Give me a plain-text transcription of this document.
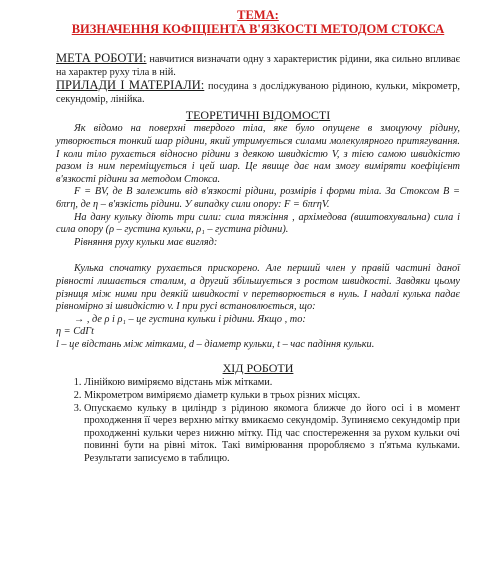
ТЕМА:
ВИЗНАЧЕННЯ КОФІЦІЕНТА В'ЯЗКОСТІ МЕТОДОМ СТОКСА

МЕТА РОБОТИ: навчитися визначати одну з характеристик рідини, яка сильно впливає на характер руху тіла в ній.

ПРИЛАДИ І МАТЕРІАЛИ: посудина з досліджуваною рідиною, кульки, мікрометр, секундомір, лінійка.

ТЕОРЕТИЧНІ ВІДОМОСТІ

Як відомо на поверхні твердого тіла, яке було опущене в змоцуючу рідину, утворюється тонкий шар рідини, який утримується силами молекулярного притягування. І коли тіло рухається відносно рідини з деякою швидкістю V, з тією самою швидкістю разом із ним переміщується і цей шар. Це явище дає нам змогу виміряти коефіцієнт в'язкості рідини за методом Стокса.

F = BV, де B залежить від в'язкості рідини, розмірів і форми тіла. За Стоксом B = 6πrη, де η – в'язкість рідини. У випадку сили опору: F = 6πrηV.

На дану кульку діють три сили: сила тяжіння , архімедова (виштовхувальна) сила і сила опору (ρ – густина кульки, ρ₁ – густина рідини).

Рівняння руху кульки має вигляд:

Кулька спочатку рухається прискорено. Але перший член у правій частині даної рівності лишається сталим, а другий збільшується з ростом швидкості. Завдяки цьому різниця між ними при деякій швидкості v перетворюється в нуль. І надалі кулька падає рівномірно зі швидкістю v. І при русі встановлюється, що:

→ , де ρ і ρ₁ – це густина кульки і рідини. Якщо , то:

η = CdΓt

l – це відстань між мітками, d – діаметр кульки, t – час падіння кульки.

ХІД РОБОТИ
1. Лінійкою виміряємо відстань між мітками.
2. Мікрометром виміряємо діаметр кульки в трьох різних місцях.
3. Опускаємо кульку в циліндр з рідиною якомога ближче до його осі і в момент проходження її через верхню мітку вмикаємо секундомір. Зупиняємо секундомір при проходженні кульки через нижню мітку. Під час спостереження за рухом кульки очі повинні бути на рівні міток. Такі вимірювання проробляємо з п'ятьма кульками. Результати записуємо в таблицю.
